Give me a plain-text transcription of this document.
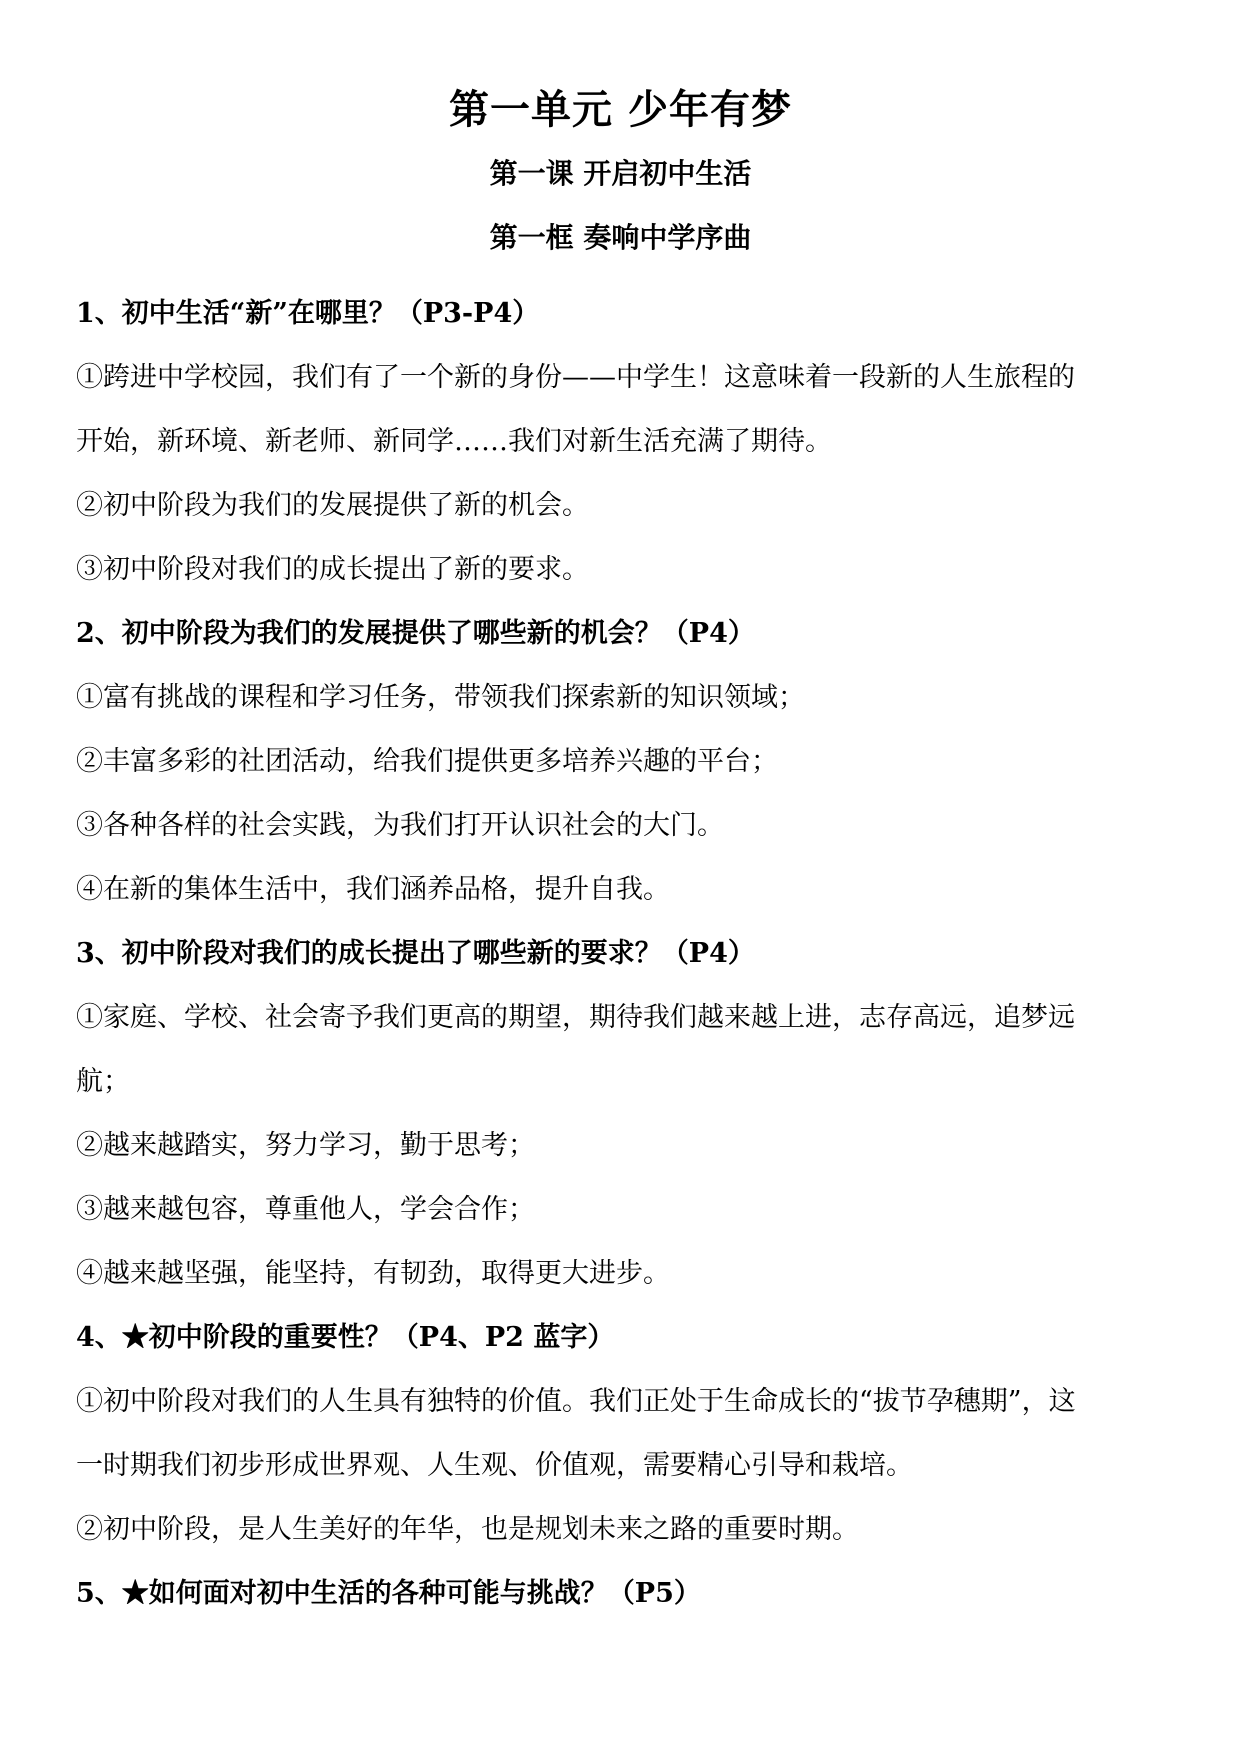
第一单元 少年有梦
第一课 开启初中生活
第一框 奏响中学序曲
1、初中生活“新”在哪里？（P3-P4）
①跨进中学校园，我们有了一个新的身份——中学生！这意味着一段新的人生旅程的
开始，新环境、新老师、新同学……我们对新生活充满了期待。
②初中阶段为我们的发展提供了新的机会。
③初中阶段对我们的成长提出了新的要求。
2、初中阶段为我们的发展提供了哪些新的机会？（P4）
①富有挑战的课程和学习任务，带领我们探索新的知识领域；
②丰富多彩的社团活动，给我们提供更多培养兴趣的平台；
③各种各样的社会实践，为我们打开认识社会的大门。
④在新的集体生活中，我们涵养品格，提升自我。
3、初中阶段对我们的成长提出了哪些新的要求？（P4）
①家庭、学校、社会寄予我们更高的期望，期待我们越来越上进，志存高远，追梦远
航；
②越来越踏实，努力学习，勤于思考；
③越来越包容，尊重他人，学会合作；
④越来越坚强，能坚持，有韧劲，取得更大进步。
4、★初中阶段的重要性？（P4、P2 蓝字）
①初中阶段对我们的人生具有独特的价值。我们正处于生命成长的“拔节孕穗期”，这
一时期我们初步形成世界观、人生观、价值观，需要精心引导和栽培。
②初中阶段，是人生美好的年华，也是规划未来之路的重要时期。
5、★如何面对初中生活的各种可能与挑战？（P5）
